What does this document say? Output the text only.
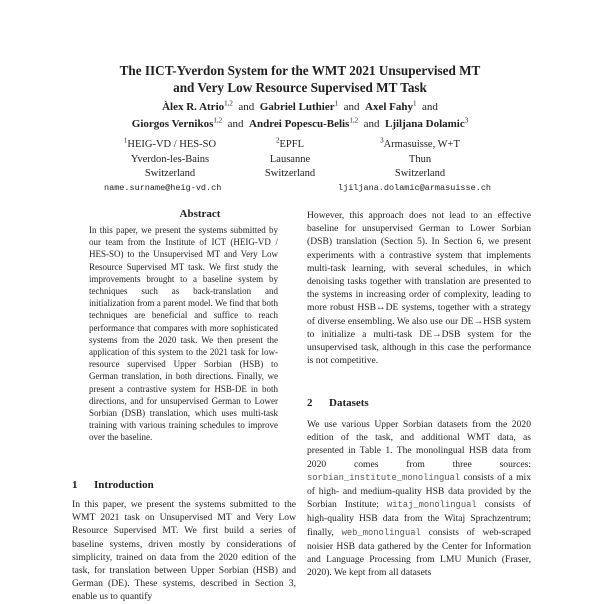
The IICT-Yverdon System for the WMT 2021 Unsupervised MT
and Very Low Resource Supervised MT Task
Àlex R. Atrio$^{1,2}$ and Gabriel Luthier$^1$ and Axel Fahy$^1$ and
Giorgos Vernikos$^{1,2}$ and Andrei Popescu-Belis$^{1,2}$ and Ljiljana Dolamic$^3$
$^1$HEIG-VD / HES-SO
Yverdon-les-Bains
Switzerland
$^2$EPFL
Lausanne
Switzerland
$^3$Armasuisse, W+T
Thun
Switzerland
name.surname@heig-vd.ch	ljiljana.dolamic@armasuisse.ch
Abstract
In this paper, we present the systems submitted by our team from the Institute of ICT (HEIG-VD / HES-SO) to the Unsupervised MT and Very Low Resource Supervised MT task. We first study the improvements brought to a baseline system by techniques such as back-translation and initialization from a parent model. We find that both techniques are beneficial and suffice to reach performance that compares with more sophisticated systems from the 2020 task. We then present the application of this system to the 2021 task for low-resource supervised Upper Sorbian (HSB) to German translation, in both directions. Finally, we present a contrastive system for HSB-DE in both directions, and for unsupervised German to Lower Sorbian (DSB) translation, which uses multi-task training with various training schedules to improve over the baseline.
1 Introduction
In this paper, we present the systems submitted to the WMT 2021 task on Unsupervised MT and Very Low Resource Supervised MT. We first build a series of baseline systems, driven mostly by considerations of simplicity, trained on data from the 2020 edition of the task, for translation between Upper Sorbian (HSB) and German (DE). These systems, described in Section 3, enable us to quantify
However, this approach does not lead to an effective baseline for unsupervised German to Lower Sorbian (DSB) translation (Section 5). In Section 6, we present experiments with a contrastive system that implements multi-task learning, with several schedules, in which denoising tasks together with translation are presented to the systems in increasing order of complexity, leading to more robust HSB↔DE systems, together with a strategy of diverse ensembling. We also use our DE→HSB system to initialize a multi-task DE→DSB system for the unsupervised task, although in this case the performance is not competitive.
2 Datasets
We use various Upper Sorbian datasets from the 2020 edition of the task, and additional WMT data, as presented in Table 1. The monolingual HSB data from 2020 comes from three sources: sorbian_institute_monolingual consists of a mix of high- and medium-quality HSB data provided by the Sorbian Institute; witaj_monolingual consists of high-quality HSB data from the Witaj Sprachzentrum; finally, web_monolingual consists of web-scraped noisier HSB data gathered by the Center for Information and Language Processing from LMU Munich (Fraser, 2020). We kept from all datasets
